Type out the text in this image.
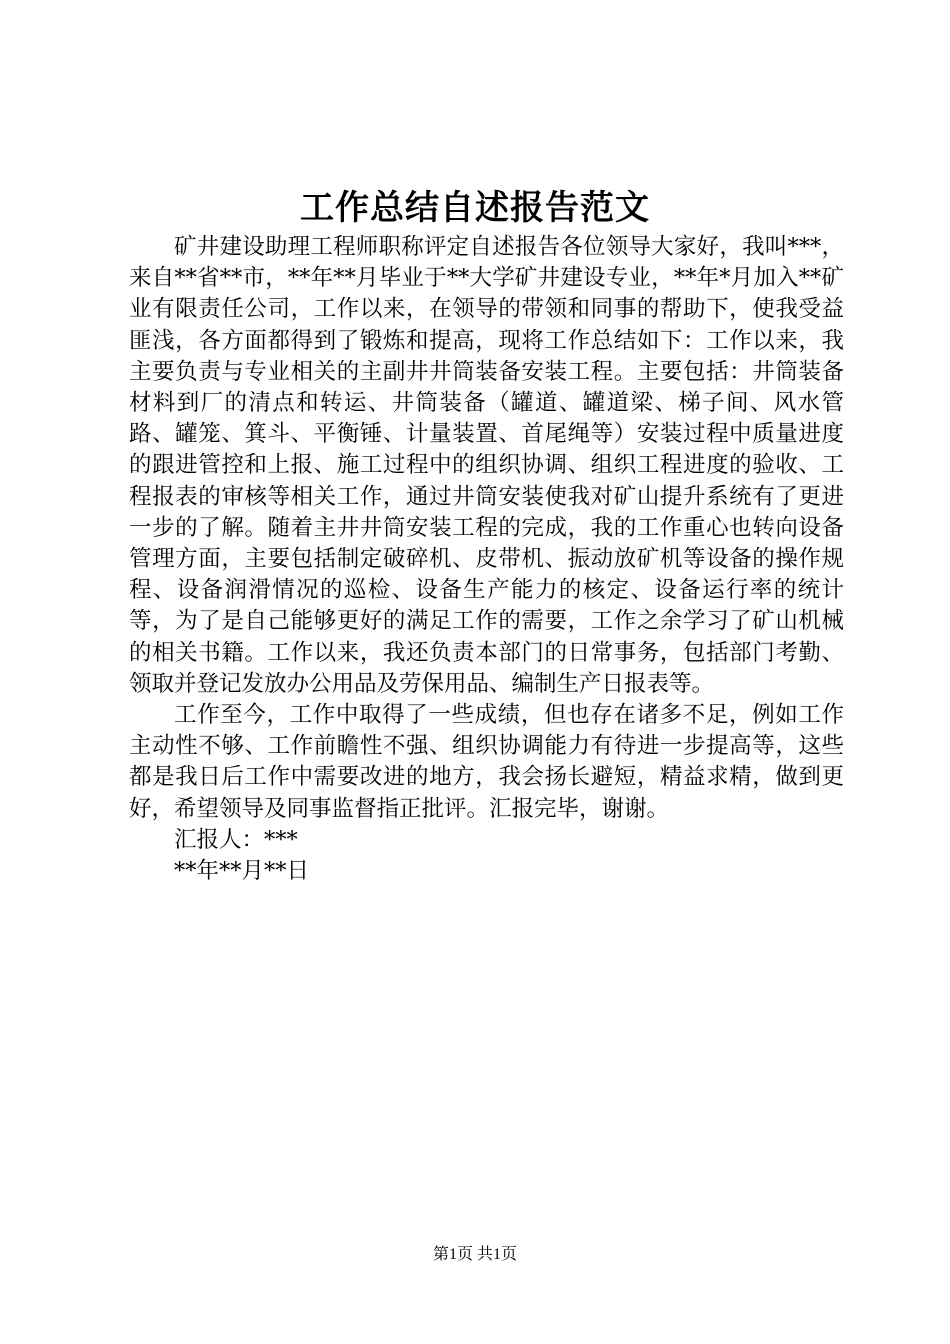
工作总结自述报告范文

矿井建设助理工程师职称评定自述报告各位领导大家好，我叫***，来自**省**市，**年**月毕业于**大学矿井建设专业，**年*月加入**矿业有限责任公司，工作以来，在领导的带领和同事的帮助下，使我受益匪浅，各方面都得到了锻炼和提高，现将工作总结如下：工作以来，我主要负责与专业相关的主副井井筒装备安装工程。主要包括：井筒装备材料到厂的清点和转运、井筒装备（罐道、罐道梁、梯子间、风水管路、罐笼、箕斗、平衡锤、计量装置、首尾绳等）安装过程中质量进度的跟进管控和上报、施工过程中的组织协调、组织工程进度的验收、工程报表的审核等相关工作，通过井筒安装使我对矿山提升系统有了更进一步的了解。随着主井井筒安装工程的完成，我的工作重心也转向设备管理方面，主要包括制定破碎机、皮带机、振动放矿机等设备的操作规程、设备润滑情况的巡检、设备生产能力的核定、设备运行率的统计等，为了是自己能够更好的满足工作的需要，工作之余学习了矿山机械的相关书籍。工作以来，我还负责本部门的日常事务，包括部门考勤、领取并登记发放办公用品及劳保用品、编制生产日报表等。

工作至今，工作中取得了一些成绩，但也存在诸多不足，例如工作主动性不够、工作前瞻性不强、组织协调能力有待进一步提高等，这些都是我日后工作中需要改进的地方，我会扬长避短，精益求精，做到更好，希望领导及同事监督指正批评。汇报完毕，谢谢。

汇报人：***
**年**月**日
第1页 共1页
